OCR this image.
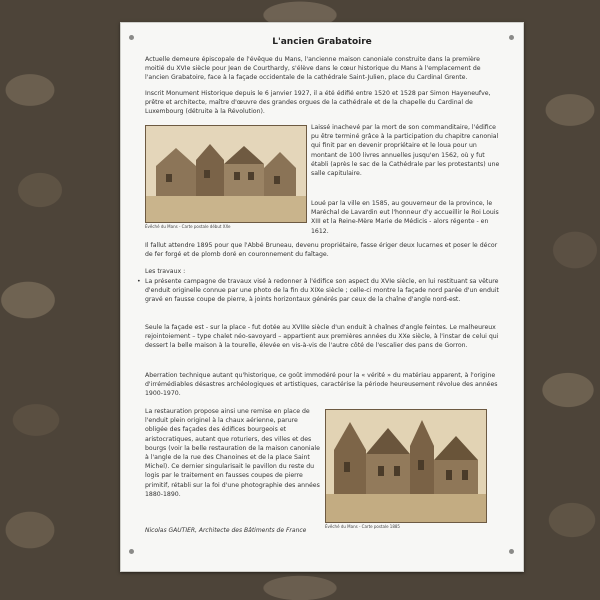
L'ancien Grabatoire

Actuelle demeure épiscopale de l'évêque du Mans, l'ancienne maison canoniale construite dans la première moitié du XVIe siècle pour Jean de Courthardy, s'élève dans le cœur historique du Mans à l'emplacement de l'ancien Grabatoire, face à la façade occidentale de la cathédrale Saint-Julien, place du Cardinal Grente.

Inscrit Monument Historique depuis le 6 janvier 1927, il a été édifié entre 1520 et 1528 par Simon Hayeneufve, prêtre et architecte, maître d'œuvre des grandes orgues de la cathédrale et de la chapelle du Cardinal de Luxembourg (détruite à la Révolution).

Évêché du Mans - Carte postale début XXe

Laissé inachevé par la mort de son commanditaire, l'édifice pu être terminé grâce à la participation du chapitre canonial qui finit par en devenir propriétaire et le loua pour un montant de 100 livres annuelles jusqu'en 1562, où y fut établi (après le sac de la Cathédrale par les protestants) une salle capitulaire.

Loué par la ville en 1585, au gouverneur de la province, le Maréchal de Lavardin eut l'honneur d'y accueillir le Roi Louis XIII et la Reine-Mère Marie de Médicis - alors régente - en 1612.

Il fallut attendre 1895 pour que l'Abbé Bruneau, devenu propriétaire, fasse ériger deux lucarnes et poser le décor de fer forgé et de plomb doré en couronnement du faîtage.

Les travaux :

• La présente campagne de travaux visé à redonner à l'édifice son aspect du XVIe siècle, en lui restituant sa vêture d'enduit originelle connue par une photo de la fin du XIXe siècle ; celle-ci montre la façade nord parée d'un enduit gravé en fausse coupe de pierre, à joints horizontaux générés par ceux de la chaîne d'angle nord-est.

Seule la façade est - sur la place - fut dotée au XVIIIe siècle d'un enduit à chaînes d'angle feintes. Le malheureux rejointoiement – type chalet néo-savoyard – appartient aux premières années du XXe siècle, à l'instar de celui qui dessert la belle maison à la tourelle, élevée en vis-à-vis de l'autre côté de l'escalier des pans de Gorron.

Aberration technique autant qu'historique, ce goût immodéré pour la « vérité » du matériau apparent, à l'origine d'irrémédiables désastres archéologiques et artistiques, caractérise la période heureusement révolue des années 1900-1970.

La restauration propose ainsi une remise en place de l'enduit plein originel à la chaux aérienne, parure obligée des façades des édifices bourgeois et aristocratiques, autant que roturiers, des villes et des bourgs (voir la belle restauration de la maison canoniale à l'angle de la rue des Chanoines et de la place Saint Michel). Ce dernier singularisait le pavillon du reste du logis par le traitement en fausses coupes de pierre primitif, rétabli sur la foi d'une photographie des années 1880-1890.

Évêché du Mans - Carte postale 1885
Nicolas GAUTIER, Architecte des Bâtiments de France
